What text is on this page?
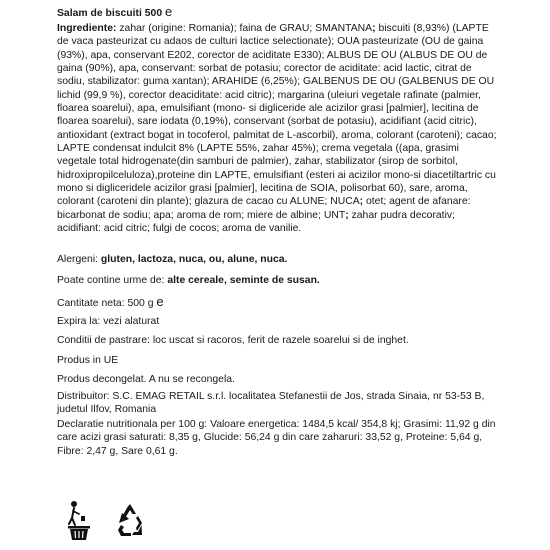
Salam de biscuiti 500 e
Ingrediente: zahar (origine: Romania); faina de GRAU; SMANTANA; biscuiti (8,93%) (LAPTE de vaca pasteurizat cu adaos de culturi lactice selectionate); OUA pasteurizate (OU de gaina (93%), apa, conservant E202, corector de aciditate E330); ALBUS DE OU (ALBUS DE OU de gaina (90%), apa, conservant: sorbat de potasiu; corector de aciditate: acid lactic, citrat de sodiu, stabilizator: guma xantan); ARAHIDE (6,25%); GALBENUS DE OU (GALBENUS DE OU lichid (99,9 %), corector deaciditate: acid citric); margarina (uleiuri vegetale rafinate (palmier, floarea soarelui), apa, emulsifiant (mono- si digliceride ale acizilor grasi [palmier], lecitina de floarea soarelui), sare iodata (0,19%), conservant (sorbat de potasiu), acidifiant (acid citric), antioxidant (extract bogat in tocoferol, palmitat de L-ascorbil), aroma, colorant (caroteni); cacao; LAPTE condensat indulcit 8% (LAPTE 55%, zahar 45%); crema vegetala ((apa, grasimi vegetale total hidrogenate(din samburi de palmier), zahar, stabilizator (sirop de sorbitol, hidroxipropilceluloza),proteine din LAPTE, emulsifiant (esteri ai acizilor mono-si diacetiltartric cu mono si digliceridele acizilor grasi [palmier], lecitina de SOIA, polisorbat 60), sare, aroma, colorant (caroteni din plante); glazura de cacao cu ALUNE; NUCA; otet; agent de afanare: bicarbonat de sodiu; apa; aroma de rom; miere de albine; UNT; zahar pudra decorativ; acidifiant: acid citric; fulgi de cocos; aroma de vanilie.
Alergeni: gluten, lactoza, nuca, ou, alune, nuca.
Poate contine urme de: alte cereale, seminte de susan.
Cantitate neta: 500 g e
Expira la: vezi alaturat
Conditii de pastrare: loc uscat si racoros, ferit de razele soarelui si de inghet.
Produs in UE
Produs decongelat. A nu se recongela.
Distribuitor: S.C. EMAG RETAIL s.r.l. localitatea Stefanestii de Jos, strada Sinaia, nr 53-53 B, judetul Ilfov, Romania
Declaratie nutritionala per 100 g: Valoare energetica: 1484,5 kcal/ 354,8 kj; Grasimi: 11,92 g din care acizi grasi saturati: 8,35 g, Glucide: 56,24 g din care zaharuri: 33,52 g, Proteine: 5,64 g, Fibre: 2,47 g, Sare 0,61 g.
